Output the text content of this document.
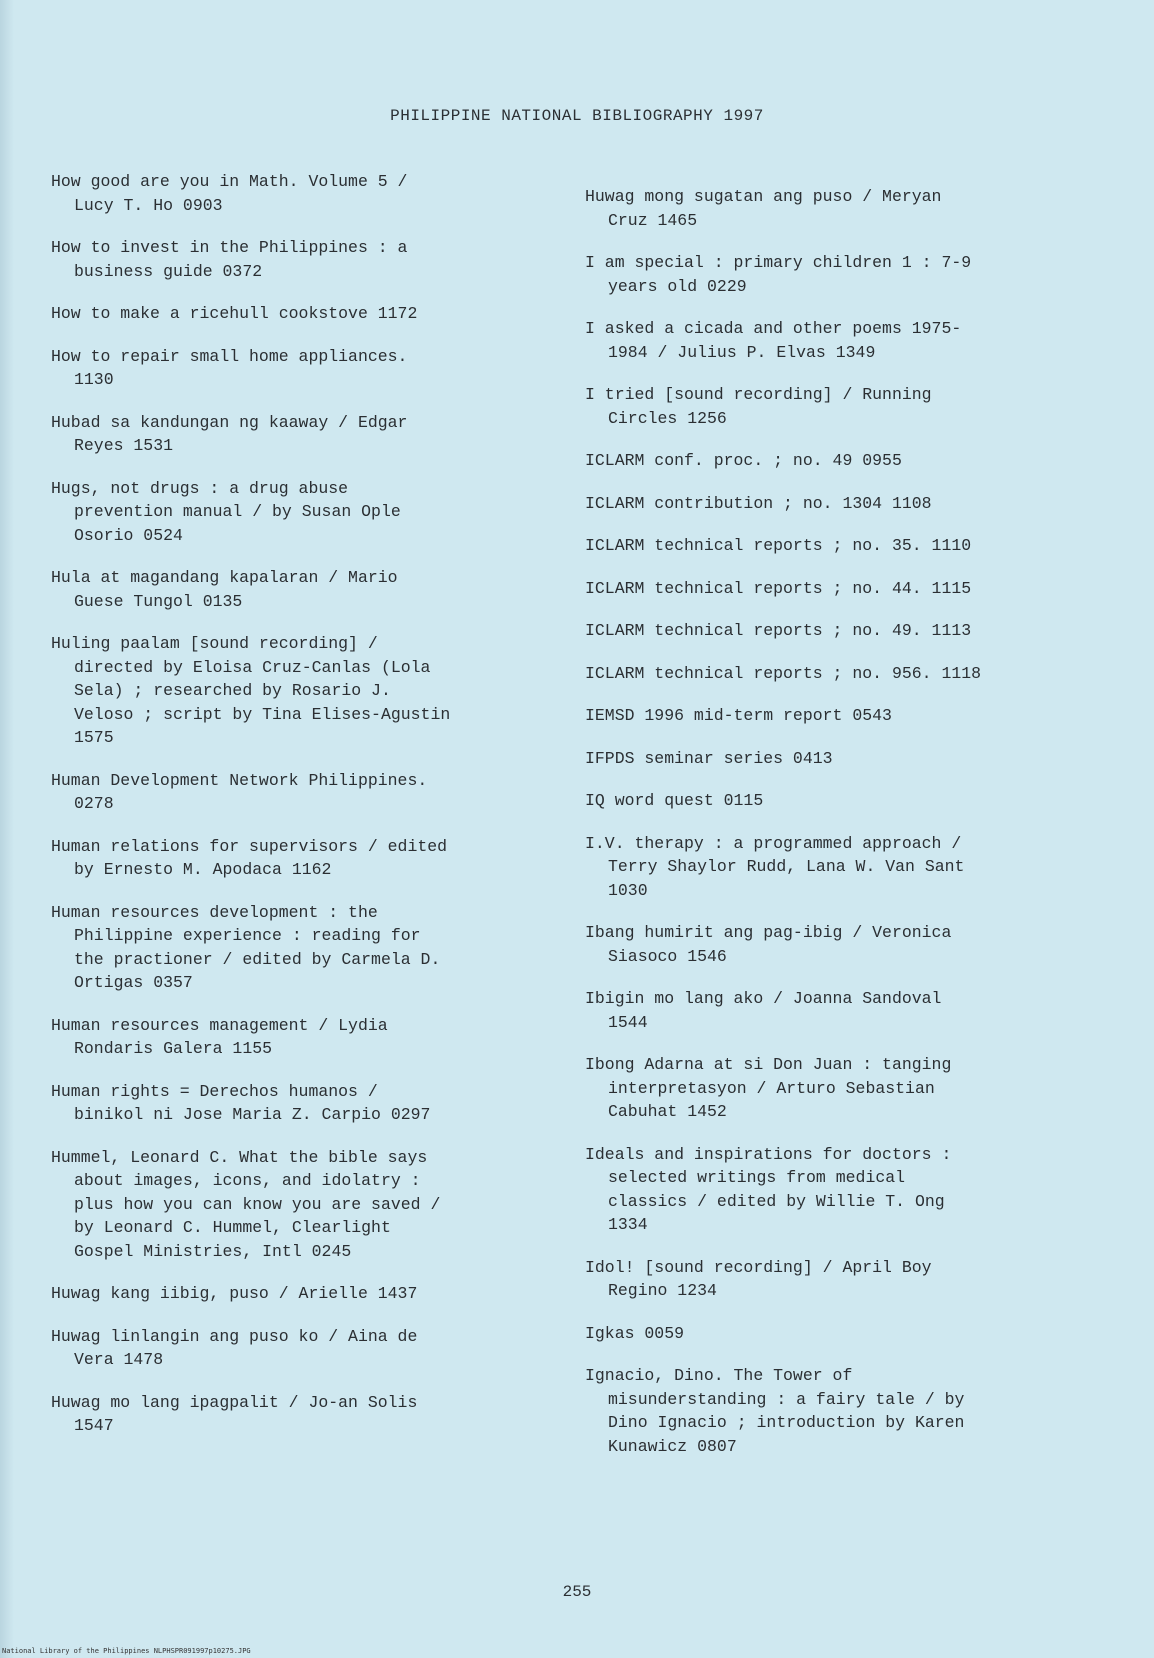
PHILIPPINE NATIONAL BIBLIOGRAPHY 1997

How good are you in Math. Volume 5 /
Lucy T. Ho 0903

How to invest in the Philippines : a
business guide 0372

How to make a ricehull cookstove 1172

How to repair small home appliances.
1130

Hubad sa kandungan ng kaaway / Edgar
Reyes 1531

Hugs, not drugs : a drug abuse
prevention manual / by Susan Ople
Osorio 0524

Hula at magandang kapalaran / Mario
Guese Tungol 0135

Huling paalam [sound recording] /
directed by Eloisa Cruz-Canlas (Lola
Sela) ; researched by Rosario J.
Veloso ; script by Tina Elises-Agustin
1575

Human Development Network Philippines.
0278

Human relations for supervisors / edited
by Ernesto M. Apodaca 1162

Human resources development : the
Philippine experience : reading for
the practioner / edited by Carmela D.
Ortigas 0357

Human resources management / Lydia
Rondaris Galera 1155

Human rights = Derechos humanos /
binikol ni Jose Maria Z. Carpio 0297

Hummel, Leonard C. What the bible says
about images, icons, and idolatry :
plus how you can know you are saved /
by Leonard C. Hummel, Clearlight
Gospel Ministries, Intl 0245

Huwag kang iibig, puso / Arielle 1437

Huwag linlangin ang puso ko / Aina de
Vera 1478

Huwag mo lang ipagpalit / Jo-an Solis
1547

Huwag mong sugatan ang puso / Meryan
Cruz 1465

I am special : primary children 1 : 7-9
years old 0229

I asked a cicada and other poems 1975-
1984 / Julius P. Elvas 1349

I tried [sound recording] / Running
Circles 1256

ICLARM conf. proc. ; no. 49 0955

ICLARM contribution ; no. 1304 1108

ICLARM technical reports ; no. 35. 1110

ICLARM technical reports ; no. 44. 1115

ICLARM technical reports ; no. 49. 1113

ICLARM technical reports ; no. 956. 1118

IEMSD 1996 mid-term report 0543

IFPDS seminar series 0413

IQ word quest 0115

I.V. therapy : a programmed approach /
Terry Shaylor Rudd, Lana W. Van Sant
1030

Ibang humirit ang pag-ibig / Veronica
Siasoco 1546

Ibigin mo lang ako / Joanna Sandoval
1544

Ibong Adarna at si Don Juan : tanging
interpretasyon / Arturo Sebastian
Cabuhat 1452

Ideals and inspirations for doctors :
selected writings from medical
classics / edited by Willie T. Ong
1334

Idol! [sound recording] / April Boy
Regino 1234

Igkas 0059

Ignacio, Dino. The Tower of
misunderstanding : a fairy tale / by
Dino Ignacio ; introduction by Karen
Kunawicz 0807

255
National Library of the Philippines NLPHSPR091997p10275.JPG
